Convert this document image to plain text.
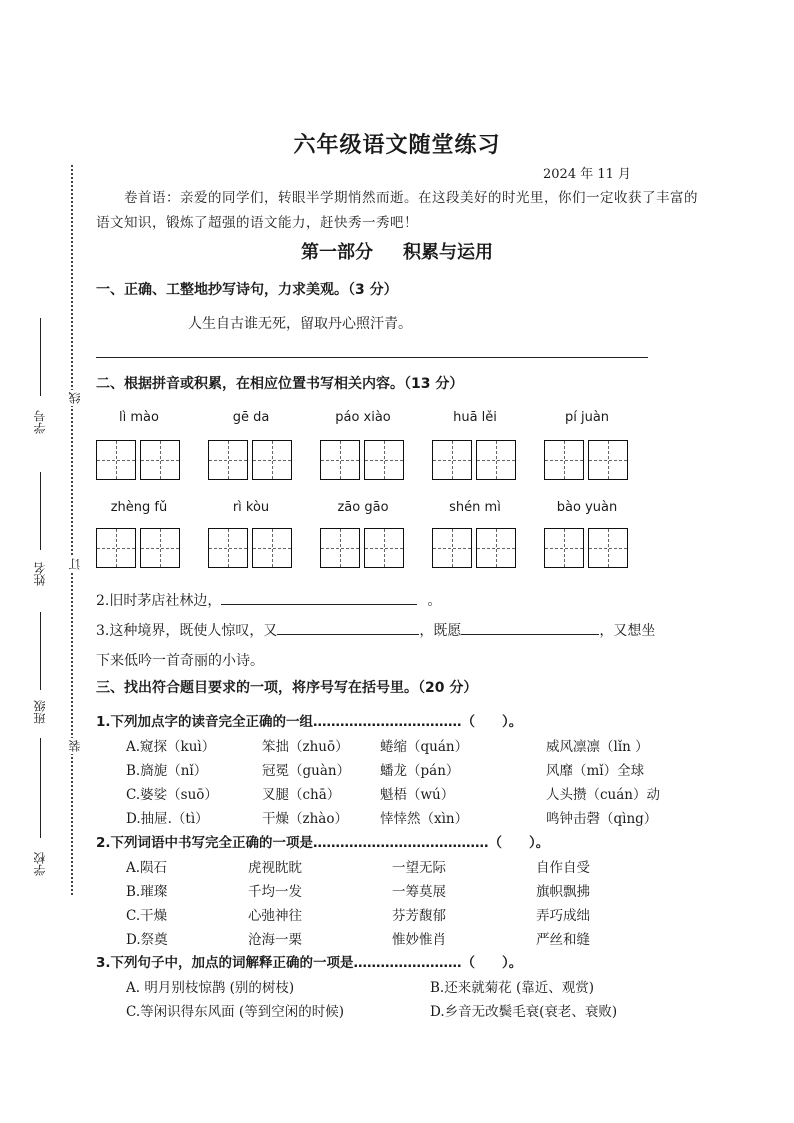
线
订
装
学号
姓名
班级
学校
六年级语文随堂练习
2024 年 11 月
卷首语：亲爱的同学们，转眼半学期悄然而逝。在这段美好的时光里，你们一定收获了丰富的语文知识，锻炼了超强的语文能力，赶快秀一秀吧！
第一部分 积累与运用
一、正确、工整地抄写诗句，力求美观。（3 分）
人生自古谁无死，留取丹心照汗青。
二、根据拼音或积累，在相应位置书写相关内容。（13 分）
lì mào	gē da	páo xiào	huā lěi	pí juàn
zhèng fǔ	rì kòu	zāo gāo	shén mì	bào yuàn
2.旧时茅店社林边，	。
3.这种境界，既使人惊叹，又	，既愿	，又想坐
下来低吟一首奇丽的小诗。
三、找出符合题目要求的一项，将序号写在括号里。（20 分）
1.下列加点字的读音完全正确的一组……………………………（　　）。
A.窥探（kuì）	笨拙（zhuō） 蜷缩（quán）	威风凛凛（lǐn ）
B.旖旎（nǐ）	冠冕（guàn） 蟠龙（pán）	风靡（mǐ）全球
C.婆娑（suō）	叉腿（chā）	魁梧（wú）	人头攒（cuán）动
D.抽屉.（tì）	干燥（zhào） 悻悻然（xìn）	鸣钟击磬（qìng）
2.下列词语中书写完全正确的一项是…………………………………（　　）。
A.陨石	虎视眈眈	一望无际	自作自受
B.璀璨	千均一发	一筹莫展	旗帜飘拂
C.干燥	心弛神往	芬芳馥郁	弄巧成绌
D.祭奠	沧海一栗	惟妙惟肖	严丝和缝
3.下列句子中，加点的词解释正确的一项是……………………（　　）。
A. 明月别枝惊鹊 (别的树枝)	B.还来就菊花 (靠近、观赏)
C.等闲识得东风面 (等到空闲的时候)	D.乡音无改鬓毛衰(衰老、衰败)
